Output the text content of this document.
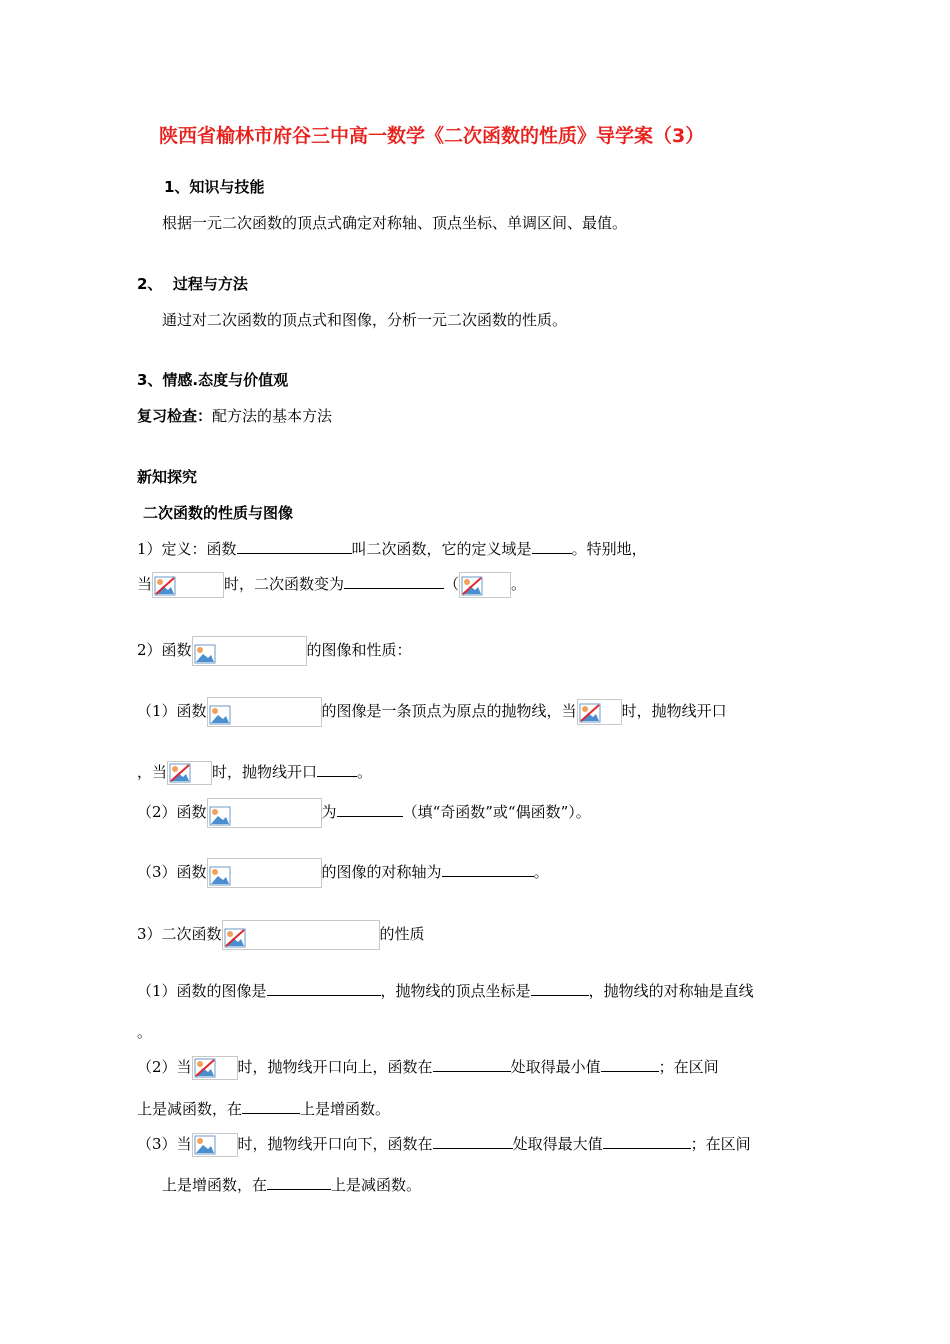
陕西省榆林市府谷三中高一数学《二次函数的性质》导学案（3）
1、知识与技能
根据一元二次函数的顶点式确定对称轴、顶点坐标、单调区间、最值。
2、  过程与方法
通过对二次函数的顶点式和图像，分析一元二次函数的性质。
3、情感.态度与价值观
复习检查：配方法的基本方法
新知探究
二次函数的性质与图像
1）定义：函数	叫二次函数，它的定义域是	。特别地，
当	时，二次函数变为	（	。
2）函数	的图像和性质：
（1）函数	的图像是一条顶点为原点的抛物线，当	时，抛物线开口
，当	时，抛物线开口	。
（2）函数	为	（填“奇函数”或“偶函数”）。
（3）函数	的图像的对称轴为	。
3）二次函数	的性质
（1）函数的图像是	，抛物线的顶点坐标是	，抛物线的对称轴是直线
。
（2）当	时，抛物线开口向上，函数在	处取得最小值	；在区间
上是减函数，在	上是增函数。
（3）当	时，抛物线开口向下，函数在	处取得最大值	；在区间
上是增函数，在	上是减函数。
